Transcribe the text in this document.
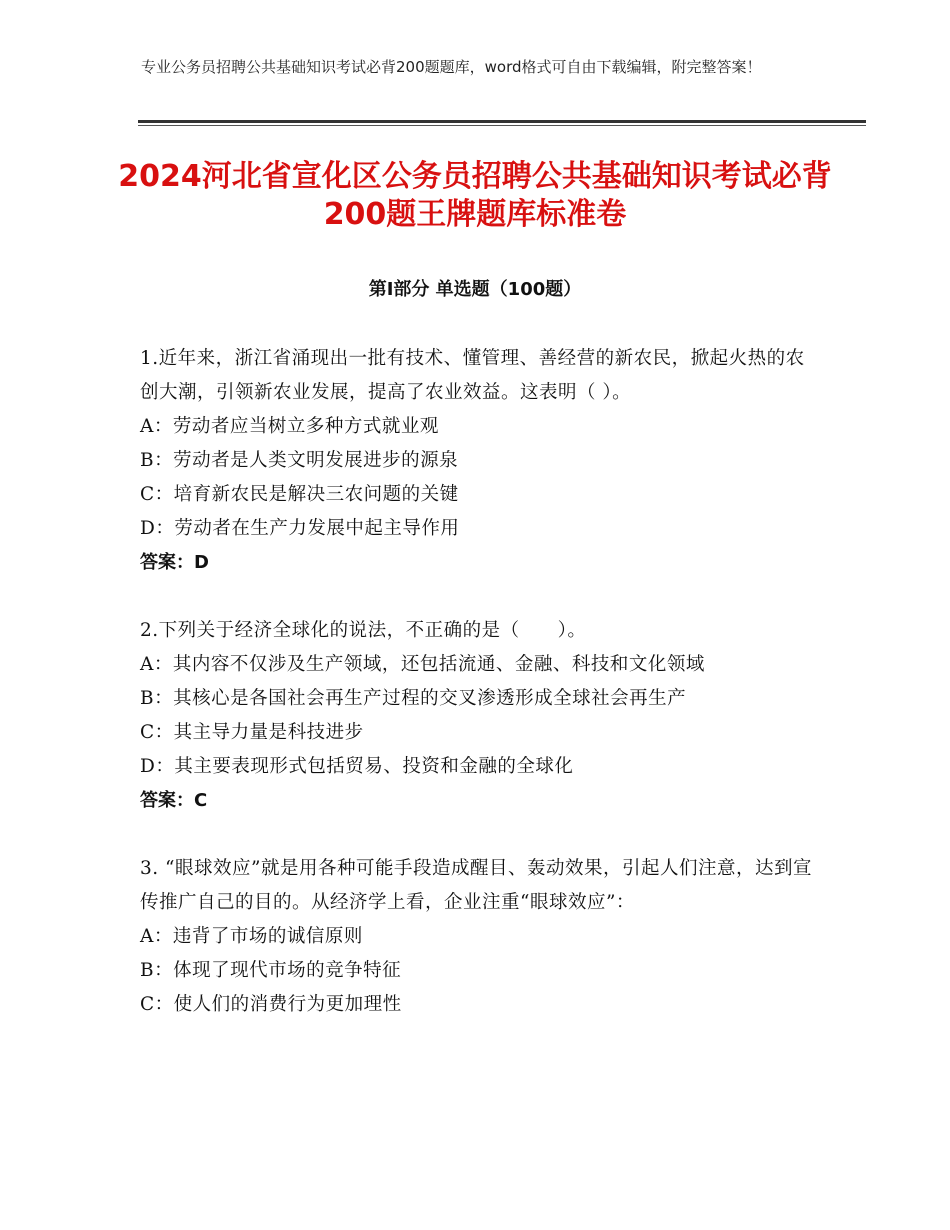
专业公务员招聘公共基础知识考试必背200题题库，word格式可自由下载编辑，附完整答案！
2024河北省宣化区公务员招聘公共基础知识考试必背200题王牌题库标准卷
第Ⅰ部分 单选题（100题）
1.近年来，浙江省涌现出一批有技术、懂管理、善经营的新农民，掀起火热的农创大潮，引领新农业发展，提高了农业效益。这表明（ ）。
A：劳动者应当树立多种方式就业观
B：劳动者是人类文明发展进步的源泉
C：培育新农民是解决三农问题的关键
D：劳动者在生产力发展中起主导作用
答案：D
2.下列关于经济全球化的说法，不正确的是（　　）。
A：其内容不仅涉及生产领域，还包括流通、金融、科技和文化领域
B：其核心是各国社会再生产过程的交叉渗透形成全球社会再生产
C：其主导力量是科技进步
D：其主要表现形式包括贸易、投资和金融的全球化
答案：C
3. “眼球效应”就是用各种可能手段造成醒目、轰动效果，引起人们注意，达到宣传推广自己的目的。从经济学上看，企业注重“眼球效应”：
A：违背了市场的诚信原则
B：体现了现代市场的竞争特征
C：使人们的消费行为更加理性
